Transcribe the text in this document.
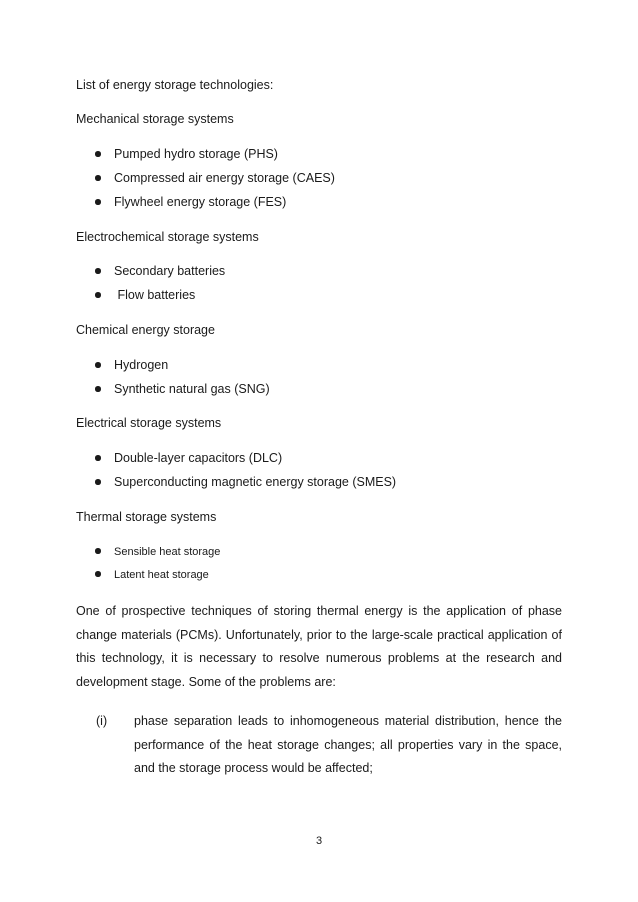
List of energy storage technologies:
Mechanical storage systems
Pumped hydro storage (PHS)
Compressed air energy storage (CAES)
Flywheel energy storage (FES)
Electrochemical storage systems
Secondary batteries
Flow batteries
Chemical energy storage
Hydrogen
Synthetic natural gas (SNG)
Electrical storage systems
Double-layer capacitors (DLC)
Superconducting magnetic energy storage (SMES)
Thermal storage systems
Sensible heat storage
Latent heat storage

One of prospective techniques of storing thermal energy is the application of phase change materials (PCMs). Unfortunately, prior to the large-scale practical application of this technology, it is necessary to resolve numerous problems at the research and development stage. Some of the problems are:

(i) phase separation leads to inhomogeneous material distribution, hence the performance of the heat storage changes; all properties vary in the space, and the storage process would be affected;

3
